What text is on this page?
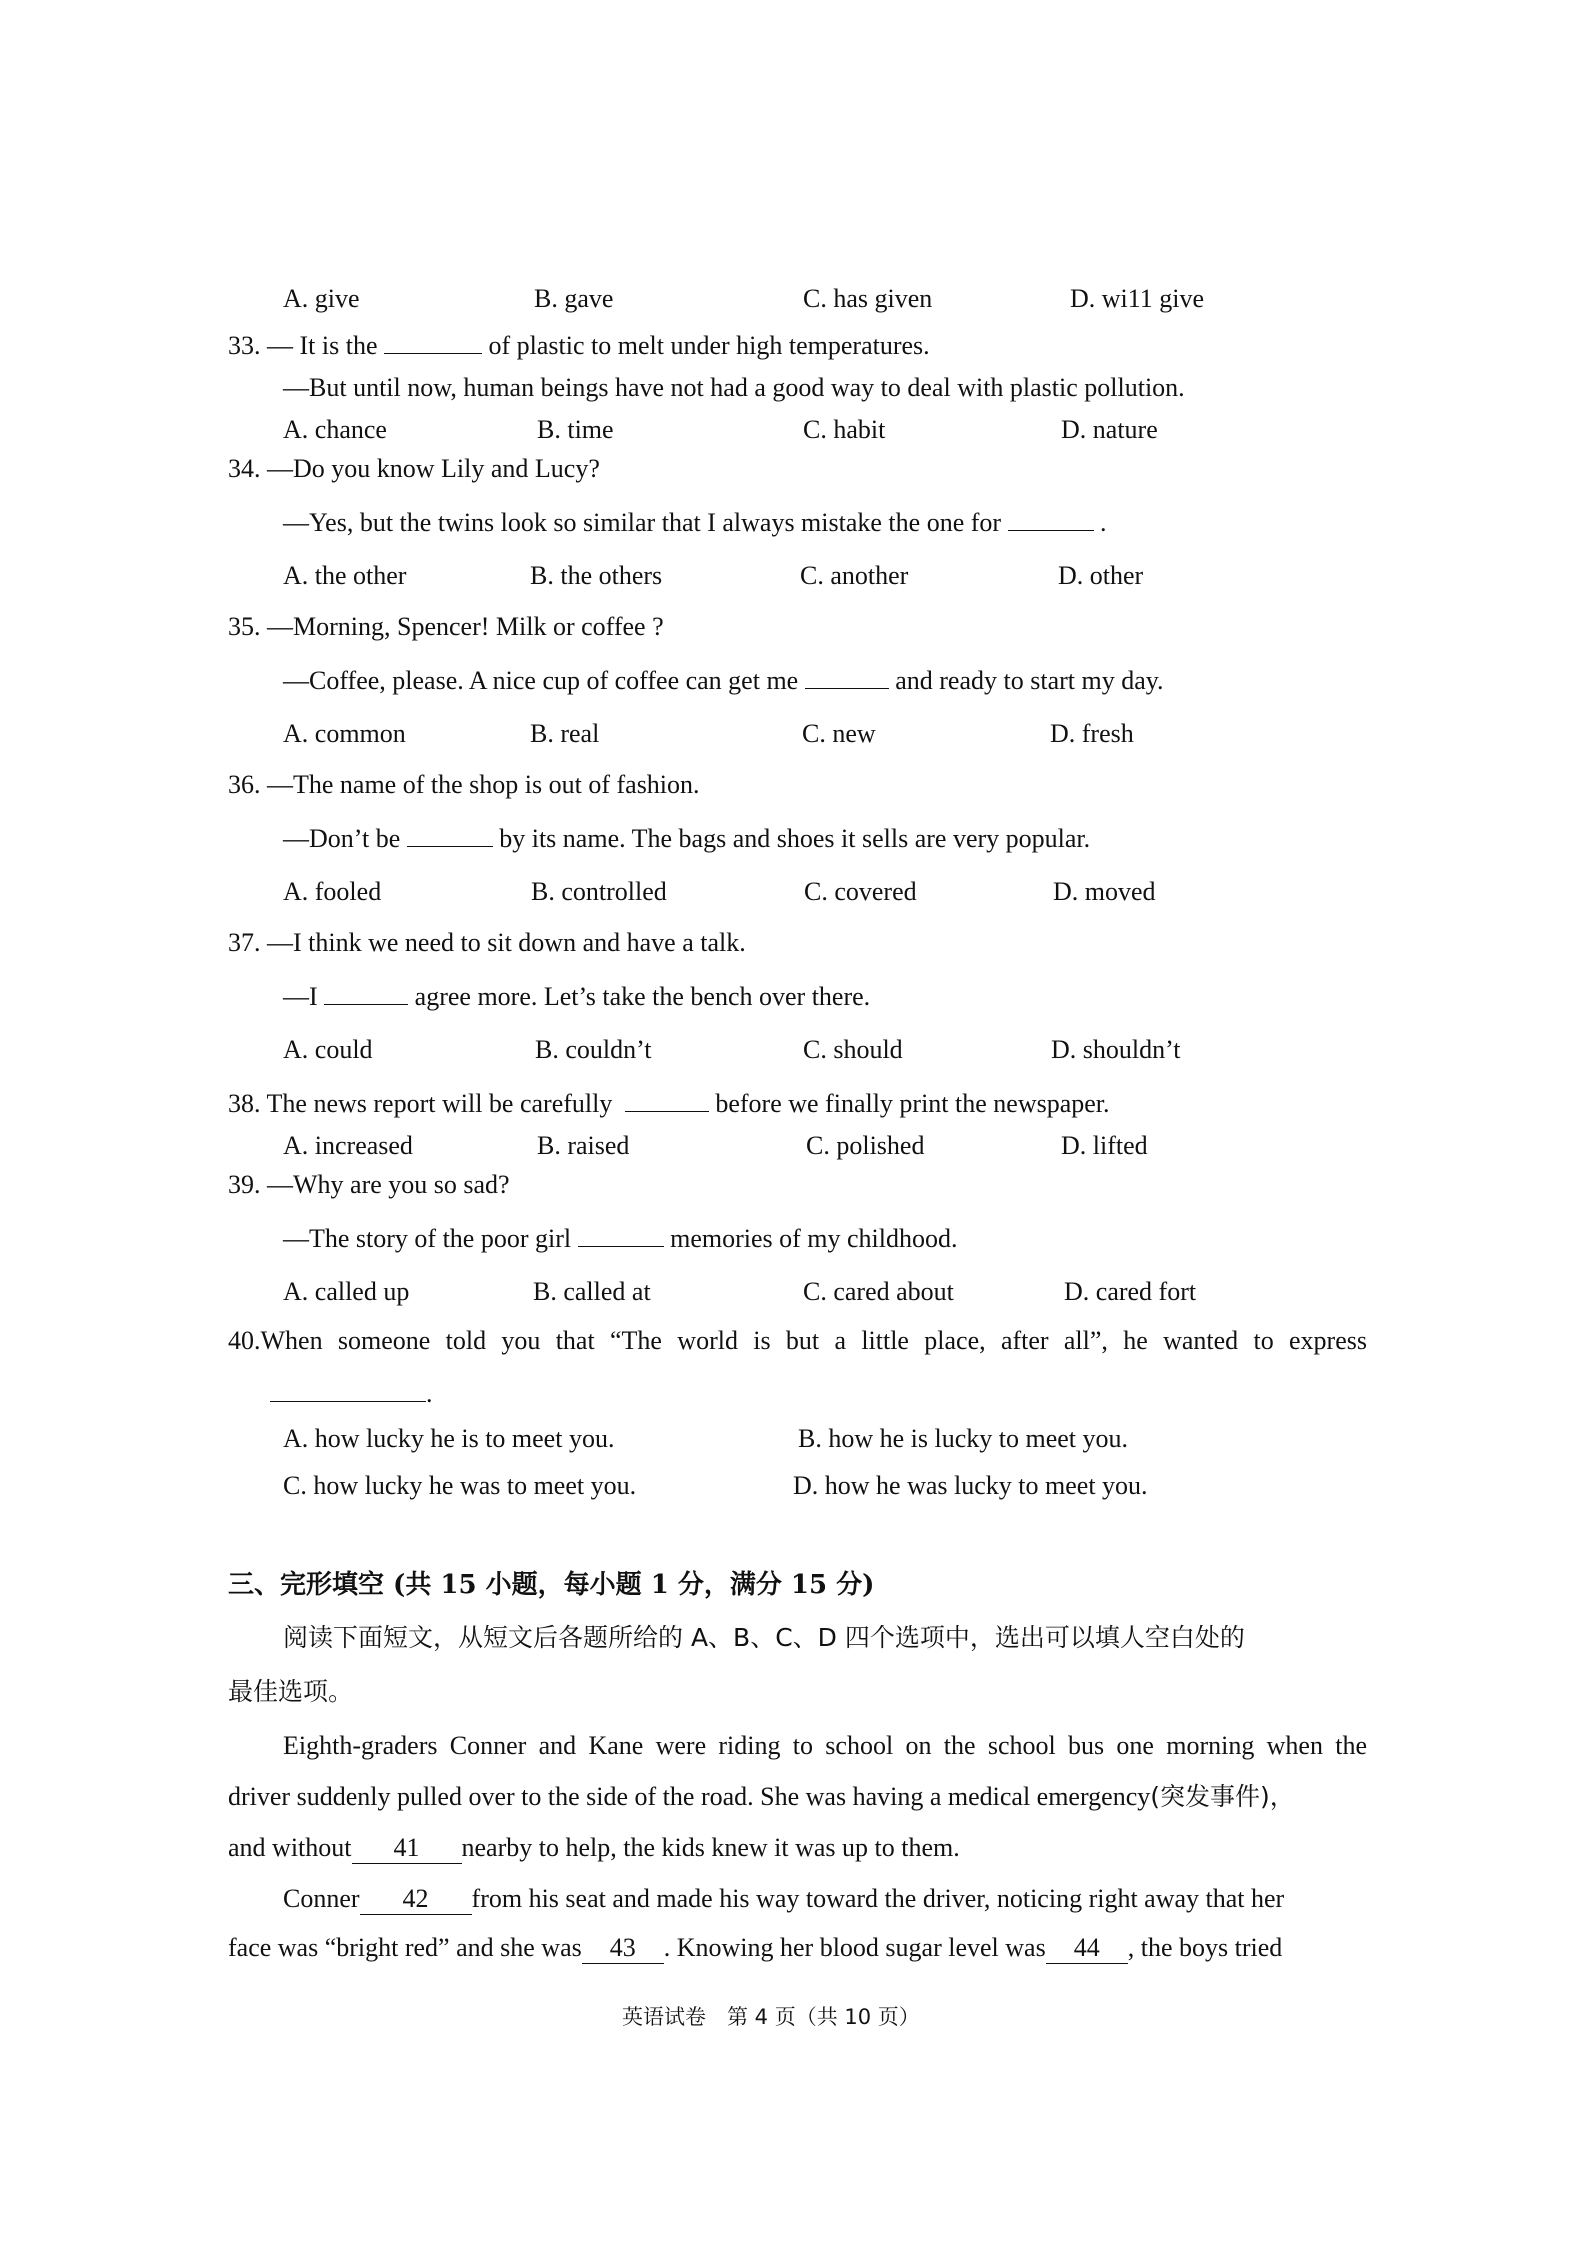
A. give	B. gave	C. has given	D. wi11 give
33. — It is the	of plastic to melt under high temperatures.
—But until now, human beings have not had a good way to deal with plastic pollution.
A. chance	B. time	C. habit	D. nature
34. —Do you know Lily and Lucy?
—Yes, but the twins look so similar that I always mistake the one for	.
A. the other	B. the others	C. another	D. other
35. —Morning, Spencer! Milk or coffee ?
—Coffee, please. A nice cup of coffee can get me	and ready to start my day.
A. common	B. real	C. new	D. fresh
36. —The name of the shop is out of fashion.
—Don’t be	by its name. The bags and shoes it sells are very popular.
A. fooled	B. controlled	C. covered	D. moved
37. —I think we need to sit down and have a talk.
—I	agree more. Let’s take the bench over there.
A. could	B. couldn’t	C. should	D. shouldn’t
38. The news report will be carefully	before we finally print the newspaper.
A. increased	B. raised	C. polished	D. lifted
39. —Why are you so sad?
—The story of the poor girl	memories of my childhood.
A. called up	B. called at	C. cared about	D. cared fort
40.When someone told you that “The world is but a little place, after all”, he wanted to express
.
A. how lucky he is to meet you.	B. how he is lucky to meet you.
C. how lucky he was to meet you.	D. how he was lucky to meet you.
三、完形填空 (共 15 小题，每小题 1 分，满分 15 分)
阅读下面短文，从短文后各题所给的 A、B、C、D 四个选项中，选出可以填人空白处的
最佳选项。
Eighth-graders Conner and Kane were riding to school on the school bus one morning when the
driver suddenly pulled over to the side of the road. She was having a medical emergency(突发事件)，
and without 41 nearby to help, the kids knew it was up to them.
Conner 42 from his seat and made his way toward the driver, noticing right away that her
face was “bright red” and she was 43 . Knowing her blood sugar level was 44 , the boys tried
英语试卷　第 4 页（共 10 页）
